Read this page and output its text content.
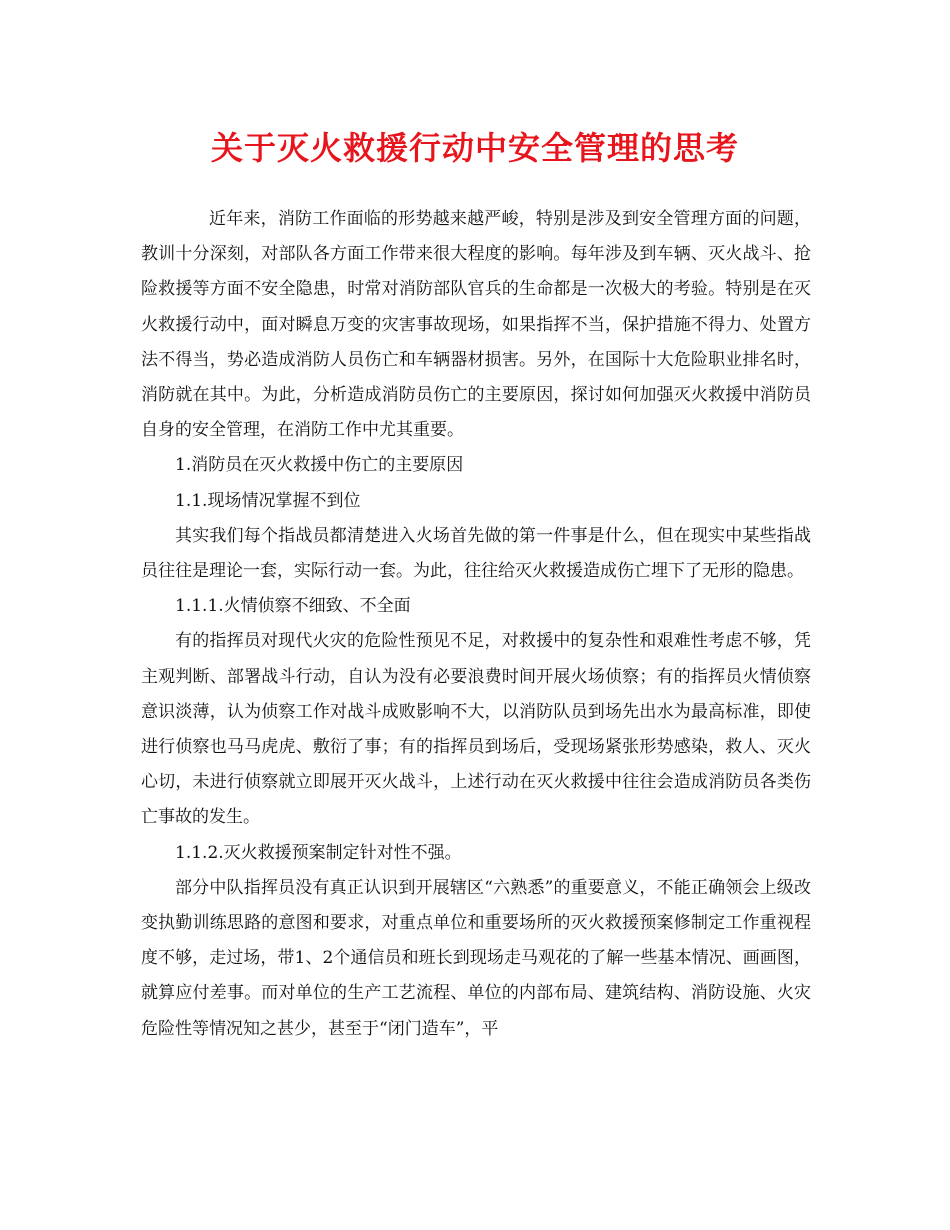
关于灭火救援行动中安全管理的思考

近年来，消防工作面临的形势越来越严峻，特别是涉及到安全管理方面的问题，教训十分深刻，对部队各方面工作带来很大程度的影响。每年涉及到车辆、灭火战斗、抢险救援等方面不安全隐患，时常对消防部队官兵的生命都是一次极大的考验。特别是在灭火救援行动中，面对瞬息万变的灾害事故现场，如果指挥不当，保护措施不得力、处置方法不得当，势必造成消防人员伤亡和车辆器材损害。另外，在国际十大危险职业排名时，消防就在其中。为此，分析造成消防员伤亡的主要原因，探讨如何加强灭火救援中消防员自身的安全管理，在消防工作中尤其重要。

1.消防员在灭火救援中伤亡的主要原因

1.1.现场情况掌握不到位

其实我们每个指战员都清楚进入火场首先做的第一件事是什么，但在现实中某些指战员往往是理论一套，实际行动一套。为此，往往给灭火救援造成伤亡埋下了无形的隐患。

1.1.1.火情侦察不细致、不全面

有的指挥员对现代火灾的危险性预见不足，对救援中的复杂性和艰难性考虑不够，凭主观判断、部署战斗行动，自认为没有必要浪费时间开展火场侦察；有的指挥员火情侦察意识淡薄，认为侦察工作对战斗成败影响不大，以消防队员到场先出水为最高标准，即使进行侦察也马马虎虎、敷衍了事；有的指挥员到场后，受现场紧张形势感染，救人、灭火心切，未进行侦察就立即展开灭火战斗，上述行动在灭火救援中往往会造成消防员各类伤亡事故的发生。

1.1.2.灭火救援预案制定针对性不强。

部分中队指挥员没有真正认识到开展辖区“六熟悉”的重要意义，不能正确领会上级改变执勤训练思路的意图和要求，对重点单位和重要场所的灭火救援预案修制定工作重视程度不够，走过场，带1、2个通信员和班长到现场走马观花的了解一些基本情况、画画图，就算应付差事。而对单位的生产工艺流程、单位的内部布局、建筑结构、消防设施、火灾危险性等情况知之甚少，甚至于“闭门造车”，平
